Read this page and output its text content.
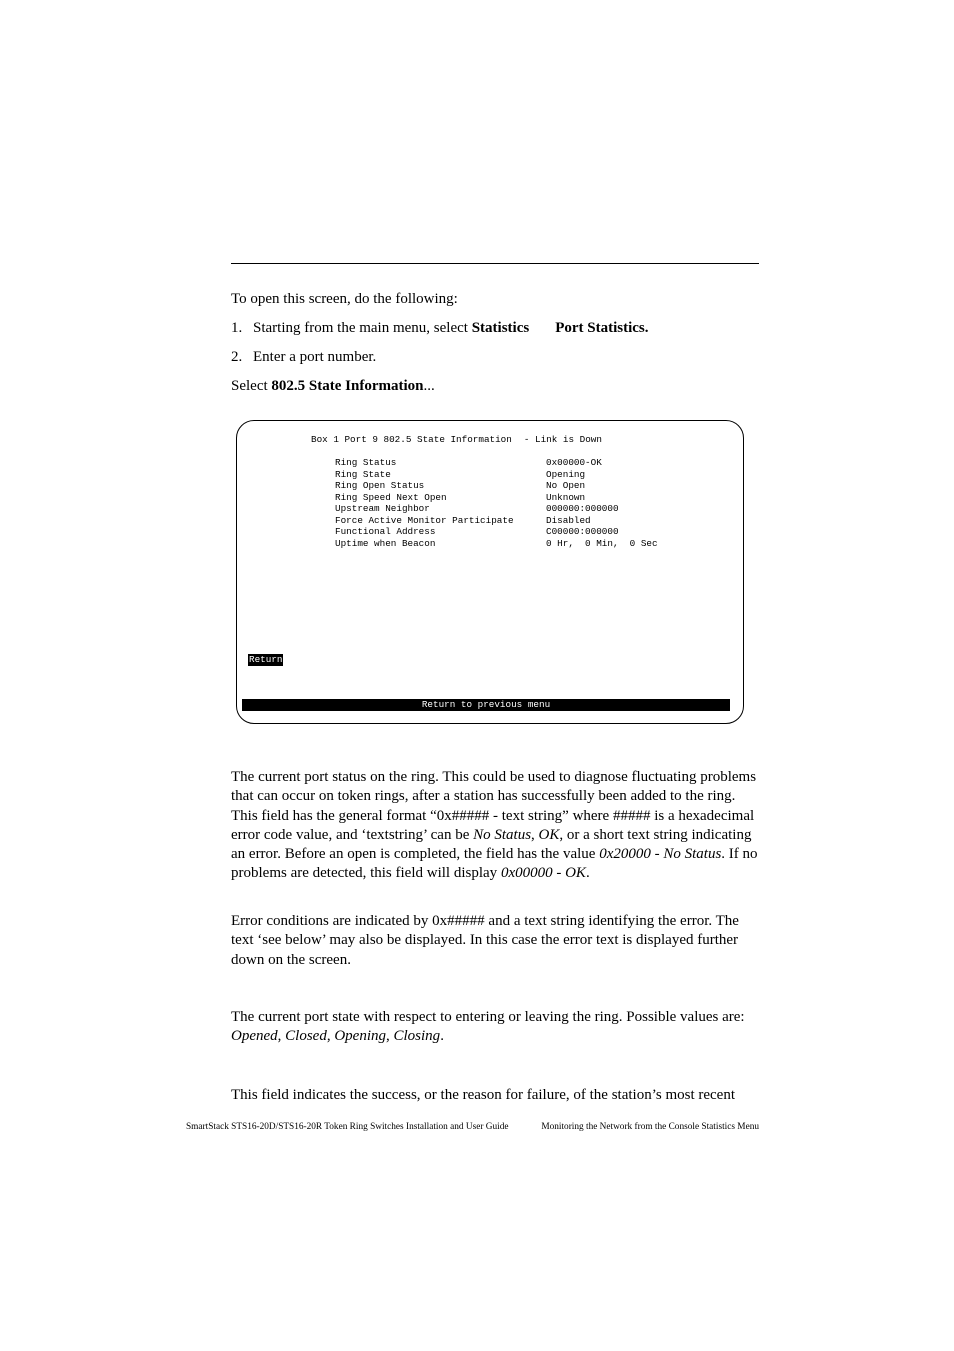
To open this screen, do the following:

1. Starting from the main menu, select Statistics Port Statistics.

2. Enter a port number.

Select 802.5 State Information...

Box 1 Port 9 802.5 State Information - Link is Down
Ring Status	0x00000-OK
Ring State	Opening
Ring Open Status	No Open
Ring Speed Next Open	Unknown
Upstream Neighbor	000000:000000
Force Active Monitor Participate	Disabled
Functional Address	C00000:000000
Uptime when Beacon	0 Hr,  0 Min,  0 Sec
Return
Return to previous menu

The current port status on the ring. This could be used to diagnose fluctuating problems that can occur on token rings, after a station has successfully been added to the ring. This field has the general format “0x##### - text string” where ##### is a hexadecimal error code value, and ‘textstring’ can be No Status, OK, or a short text string indicating an error. Before an open is completed, the field has the value 0x20000 - No Status. If no problems are detected, this field will display 0x00000 - OK.

Error conditions are indicated by 0x##### and a text string identifying the error. The text ‘see below’ may also be displayed. In this case the error text is displayed further down on the screen.

The current port state with respect to entering or leaving the ring. Possible values are: Opened, Closed, Opening, Closing.

This field indicates the success, or the reason for failure, of the station’s most recent

SmartStack STS16-20D/STS16-20R Token Ring Switches Installation and User Guide	Monitoring the Network from the Console Statistics Menu
